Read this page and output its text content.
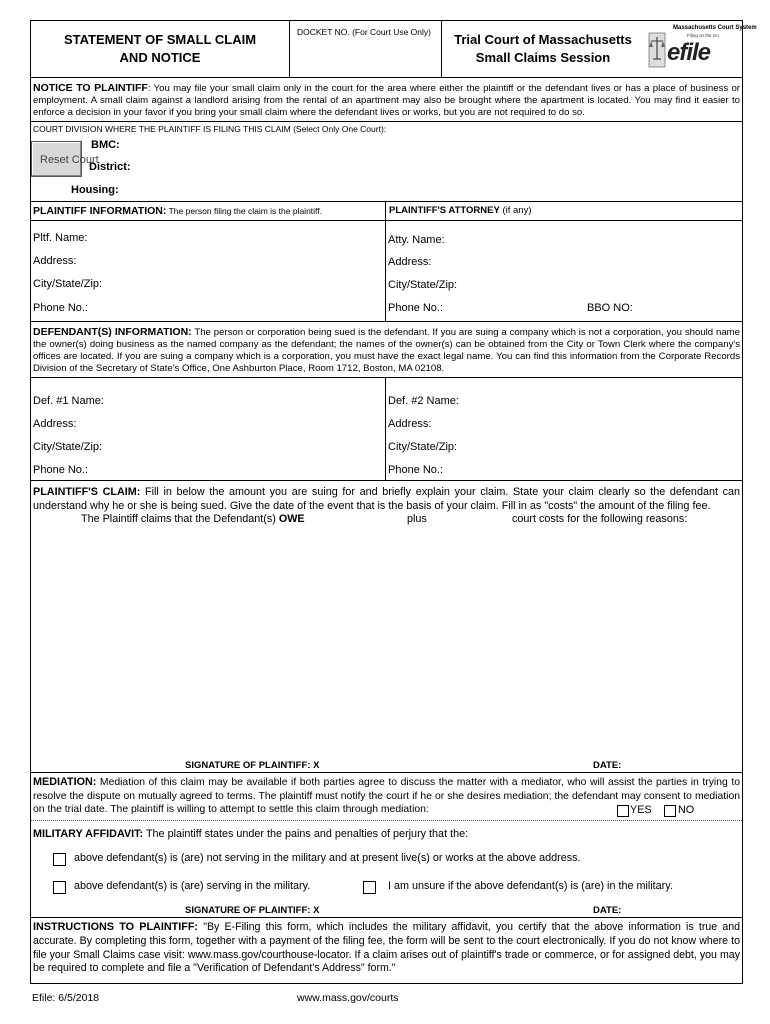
STATEMENT OF SMALL CLAIM
AND NOTICE
DOCKET NO. (For Court Use Only)	Trial Court of Massachusetts
Small Claims Session
Massachusetts Court System
Filing on the Go
efile
NOTICE TO PLAINTIFF: You may file your small claim only in the court for the area where either the plaintiff or the defendant lives or has a place of business or employment. A small claim against a landlord arising from the rental of an apartment may also be brought where the apartment is located. You may find it easier to enforce a decision in your favor if you bring your small claim where the defendant lives or works, but you are not required to do so.
COURT DIVISION WHERE THE PLAINTIFF IS FILING THIS CLAIM (Select Only One Court):
Reset Court
BMC:
District:
Housing:
PLAINTIFF INFORMATION: The person filing the claim is the plaintiff.	PLAINTIFF'S ATTORNEY (if any)
Pltf. Name:
Address:
City/State/Zip:
Phone No.:
Atty. Name:
Address:
City/State/Zip:
Phone No.:	BBO NO:
DEFENDANT(S) INFORMATION: The person or corporation being sued is the defendant. If you are suing a company which is not a corporation, you should name the owner(s) doing business as the named company as the defendant; the names of the owner(s) can be obtained from the City or Town Clerk where the company's offices are located. If you are suing a company which is a corporation, you must have the exact legal name. You can find this information from the Corporate Records Division of the Secretary of State's Office, One Ashburton Place, Room 1712, Boston, MA 02108.
Def. #1 Name:
Address:
City/State/Zip:
Phone No.:
Def. #2 Name:
Address:
City/State/Zip:
Phone No.:
PLAINTIFF'S CLAIM: Fill in below the amount you are suing for and briefly explain your claim. State your claim clearly so the defendant can understand why he or she is being sued. Give the date of the event that is the basis of your claim. Fill in as "costs" the amount of the filing fee.
The Plaintiff claims that the Defendant(s) OWE	plus	court costs for the following reasons:
SIGNATURE OF PLAINTIFF: X	DATE:
MEDIATION: Mediation of this claim may be available if both parties agree to discuss the matter with a mediator, who will assist the parties in trying to resolve the dispute on mutually agreed to terms. The plaintiff must notify the court if he or she desires mediation; the defendant may consent to mediation on the trial date. The plaintiff is willing to attempt to settle this claim through mediation:	YES NO
MILITARY AFFIDAVIT: The plaintiff states under the pains and penalties of perjury that the:
above defendant(s) is (are) not serving in the military and at present live(s) or works at the above address.
above defendant(s) is (are) serving in the military.	I am unsure if the above defendant(s) is (are) in the military.
SIGNATURE OF PLAINTIFF: X	DATE:
INSTRUCTIONS TO PLAINTIFF: "By E-Filing this form, which includes the military affidavit, you certify that the above information is true and accurate. By completing this form, together with a payment of the filing fee, the form will be sent to the court electronically. If you do not know where to file your Small Claims case visit: www.mass.gov/courthouse-locator. If a claim arises out of plaintiff's trade or commerce, or for assigned debt, you may be required to complete and file a "Verification of Defendant's Address" form."
Efile: 6/5/2018	www.mass.gov/courts
